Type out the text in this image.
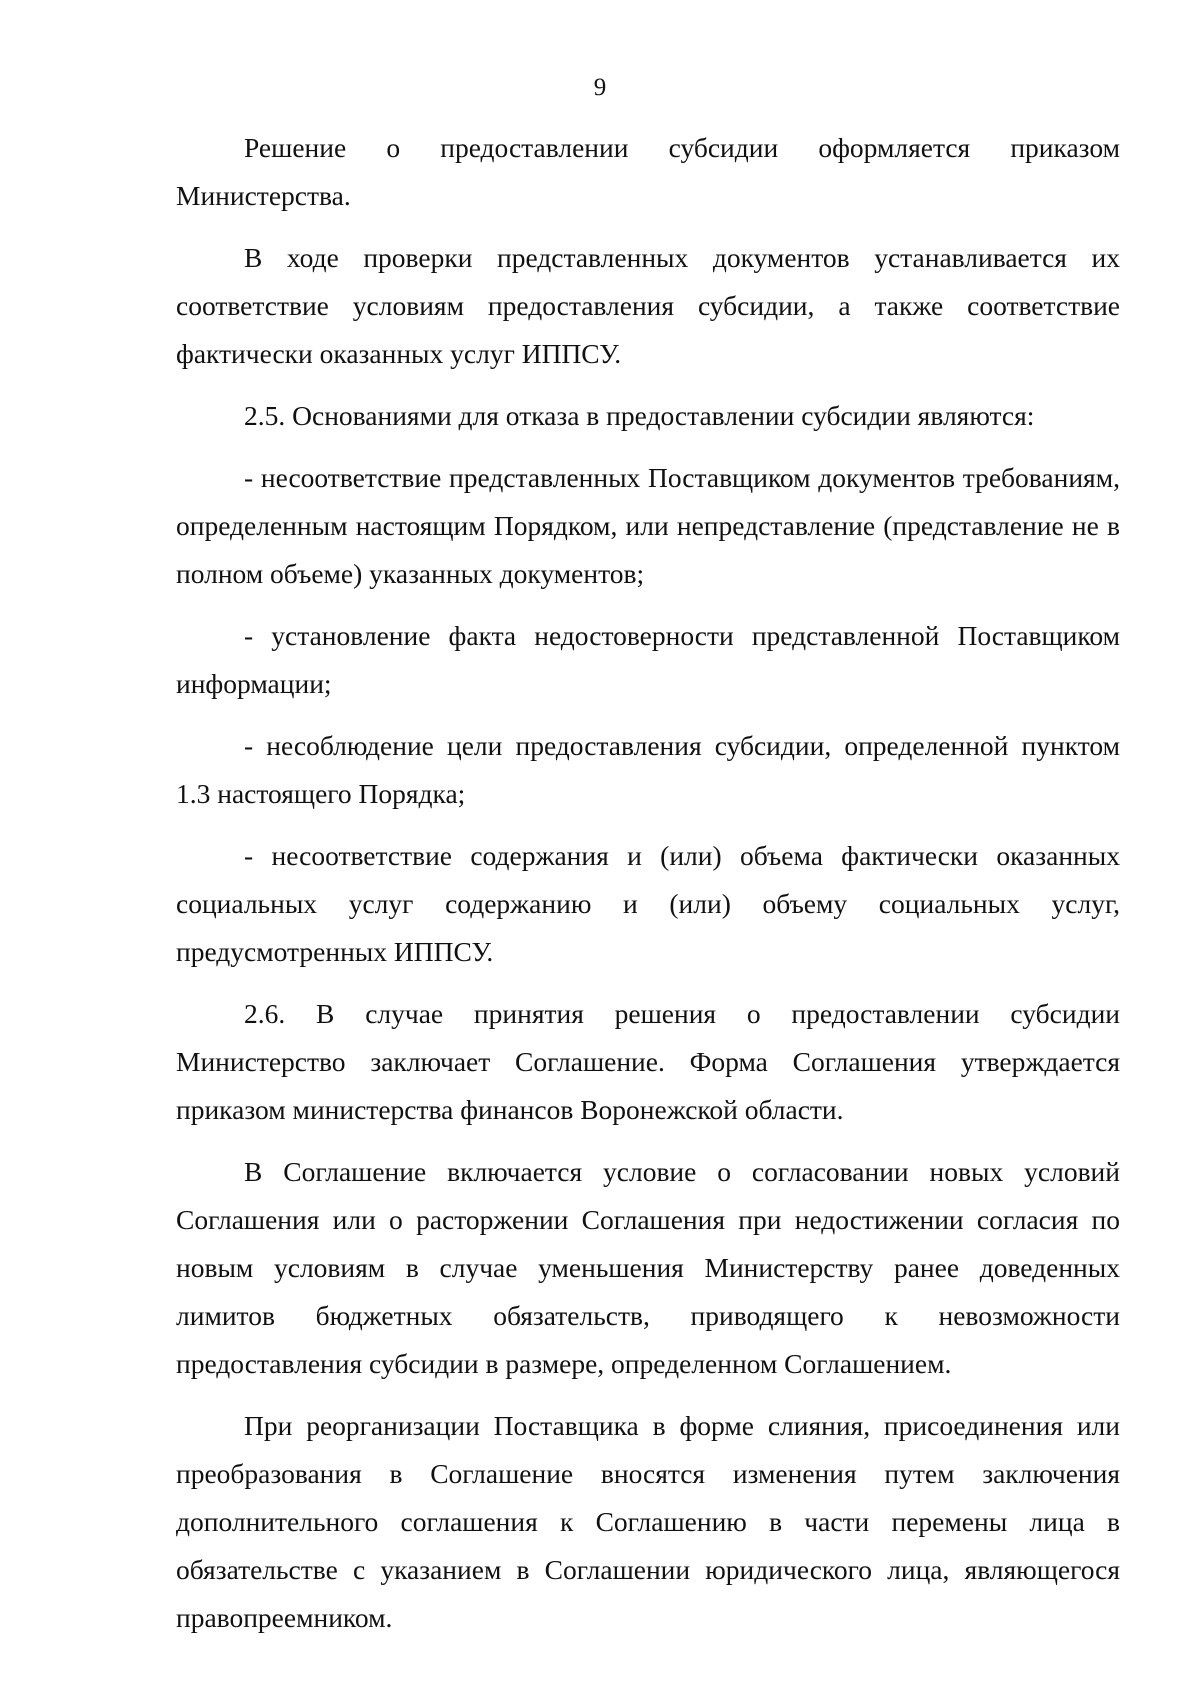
9

Решение о предоставлении субсидии оформляется приказом Министерства.

В ходе проверки представленных документов устанавливается их соответствие условиям предоставления субсидии, а также соответствие фактически оказанных услуг ИППСУ.

2.5. Основаниями для отказа в предоставлении субсидии являются:

- несоответствие представленных Поставщиком документов требованиям, определенным настоящим Порядком, или непредставление (представление не в полном объеме) указанных документов;

- установление факта недостоверности представленной Поставщиком информации;

- несоблюдение цели предоставления субсидии, определенной пунктом 1.3 настоящего Порядка;

- несоответствие содержания и (или) объема фактически оказанных социальных услуг содержанию и (или) объему социальных услуг, предусмотренных ИППСУ.

2.6. В случае принятия решения о предоставлении субсидии Министерство заключает Соглашение. Форма Соглашения утверждается приказом министерства финансов Воронежской области.

В Соглашение включается условие о согласовании новых условий Соглашения или о расторжении Соглашения при недостижении согласия по новым условиям в случае уменьшения Министерству ранее доведенных лимитов бюджетных обязательств, приводящего к невозможности предоставления субсидии в размере, определенном Соглашением.

При реорганизации Поставщика в форме слияния, присоединения или преобразования в Соглашение вносятся изменения путем заключения дополнительного соглашения к Соглашению в части перемены лица в обязательстве с указанием в Соглашении юридического лица, являющегося правопреемником.
